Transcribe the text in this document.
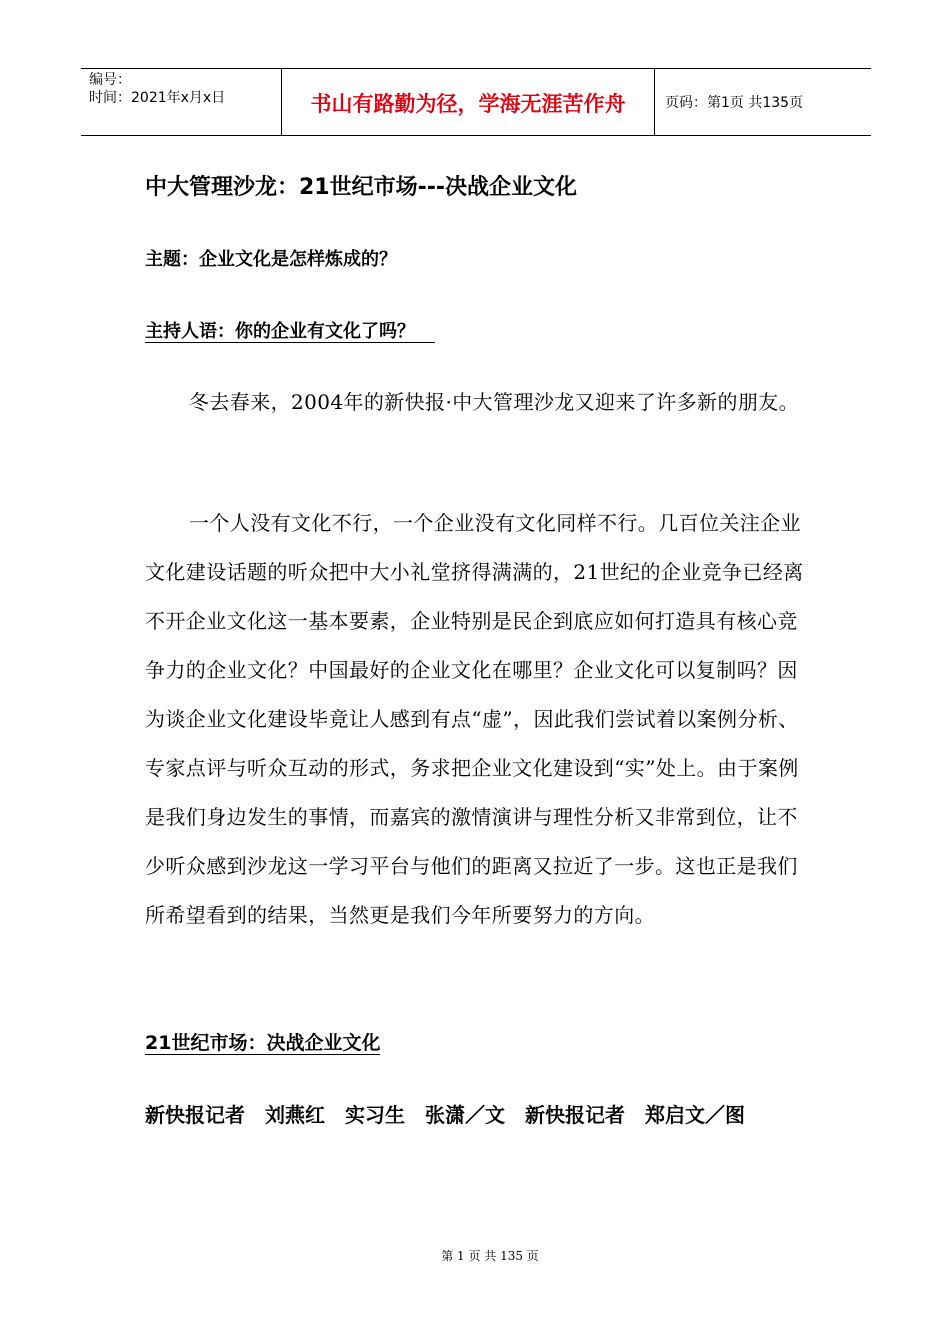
编号：
时间：2021年x月x日	书山有路勤为径，学海无涯苦作舟	页码：第1页 共135页
中大管理沙龙：21世纪市场---决战企业文化
主题：企业文化是怎样炼成的？
主持人语：你的企业有文化了吗？
冬去春来，2004年的新快报·中大管理沙龙又迎来了许多新的朋友。
一个人没有文化不行，一个企业没有文化同样不行。几百位关注企业文化建设话题的听众把中大小礼堂挤得满满的，21世纪的企业竞争已经离不开企业文化这一基本要素，企业特别是民企到底应如何打造具有核心竞争力的企业文化？中国最好的企业文化在哪里？企业文化可以复制吗？因为谈企业文化建设毕竟让人感到有点“虚”，因此我们尝试着以案例分析、专家点评与听众互动的形式，务求把企业文化建设到“实”处上。由于案例是我们身边发生的事情，而嘉宾的激情演讲与理性分析又非常到位，让不少听众感到沙龙这一学习平台与他们的距离又拉近了一步。这也正是我们所希望看到的结果，当然更是我们今年所要努力的方向。
21世纪市场：决战企业文化
新快报记者　刘燕红　实习生　张潇／文　新快报记者　郑启文／图
第 1 页 共 135 页
